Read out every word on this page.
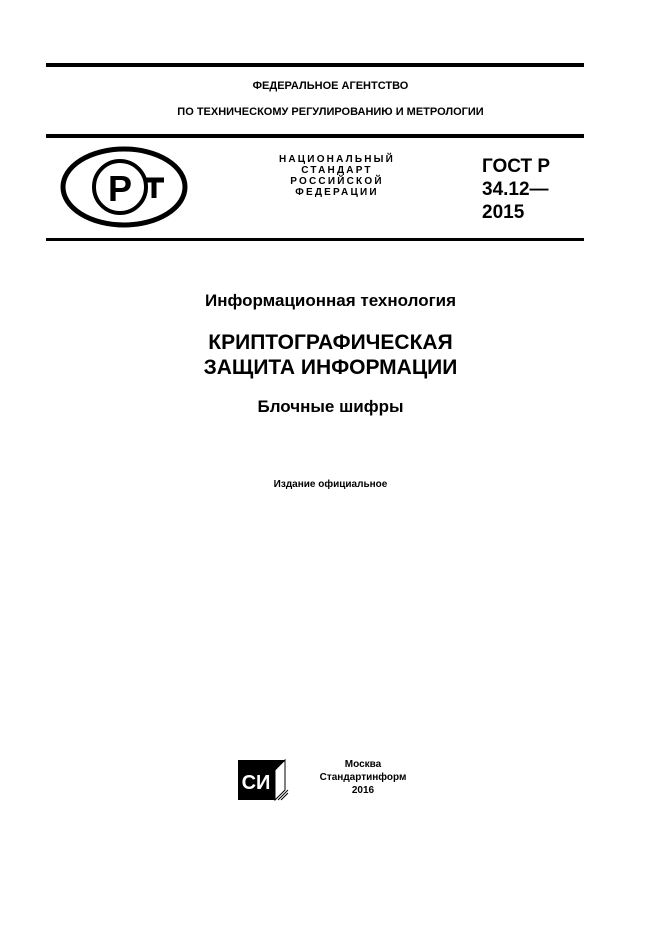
ФЕДЕРАЛЬНОЕ АГЕНТСТВО
ПО ТЕХНИЧЕСКОМУ РЕГУЛИРОВАНИЮ И МЕТРОЛОГИИ
Р
НАЦИОНАЛЬНЫЙ
СТАНДАРТ
РОССИЙСКОЙ
ФЕДЕРАЦИИ
ГОСТ Р
34.12—
2015
Информационная технология
КРИПТОГРАФИЧЕСКАЯ
ЗАЩИТА ИНФОРМАЦИИ
Блочные шифры
Издание официальное
СИ
Москва
Стандартинформ
2016
